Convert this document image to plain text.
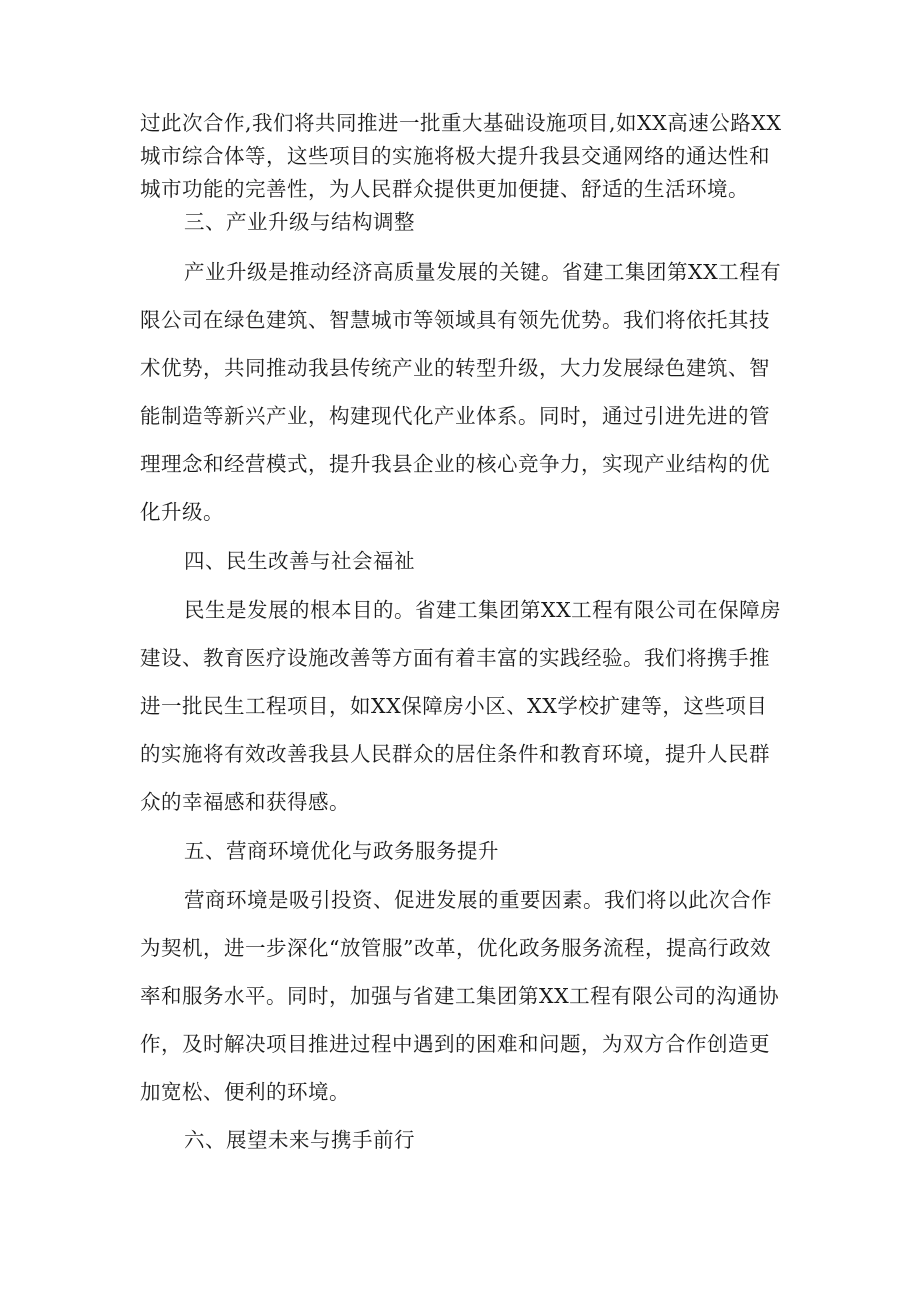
过此次合作,我们将共同推进一批重大基础设施项目,如XX高速公路XX城市综合体等，这些项目的实施将极大提升我县交通网络的通达性和城市功能的完善性，为人民群众提供更加便捷、舒适的生活环境。

三、产业升级与结构调整

产业升级是推动经济高质量发展的关键。省建工集团第XX工程有限公司在绿色建筑、智慧城市等领域具有领先优势。我们将依托其技术优势，共同推动我县传统产业的转型升级，大力发展绿色建筑、智能制造等新兴产业，构建现代化产业体系。同时，通过引进先进的管理理念和经营模式，提升我县企业的核心竞争力，实现产业结构的优化升级。

四、民生改善与社会福祉

民生是发展的根本目的。省建工集团第XX工程有限公司在保障房建设、教育医疗设施改善等方面有着丰富的实践经验。我们将携手推进一批民生工程项目，如XX保障房小区、XX学校扩建等，这些项目的实施将有效改善我县人民群众的居住条件和教育环境，提升人民群众的幸福感和获得感。

五、营商环境优化与政务服务提升

营商环境是吸引投资、促进发展的重要因素。我们将以此次合作为契机，进一步深化“放管服”改革，优化政务服务流程，提高行政效率和服务水平。同时，加强与省建工集团第XX工程有限公司的沟通协作，及时解决项目推进过程中遇到的困难和问题，为双方合作创造更加宽松、便利的环境。

六、展望未来与携手前行
